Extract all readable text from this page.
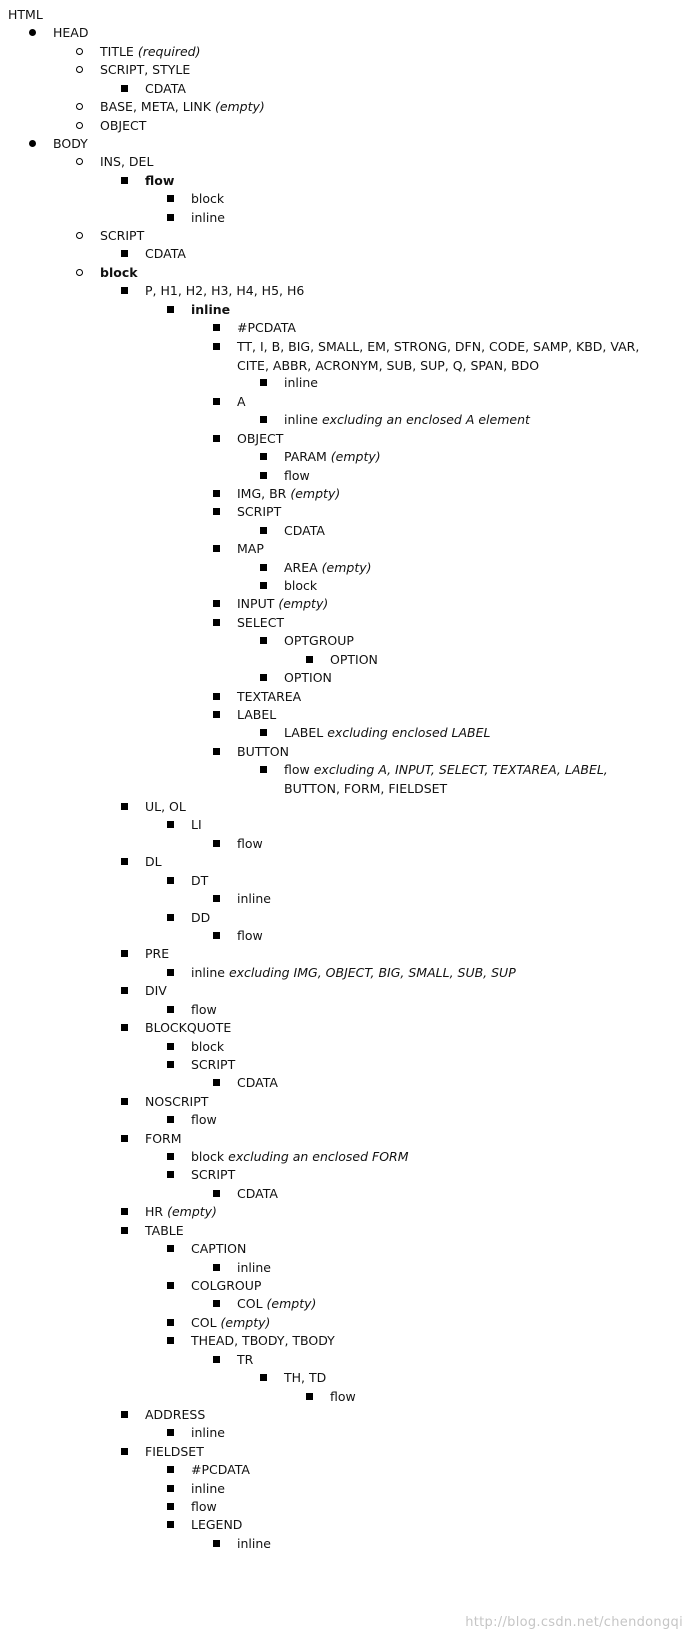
HTML
HEAD
TITLE (required)
SCRIPT, STYLE
CDATA
BASE, META, LINK (empty)
OBJECT
BODY
INS, DEL
flow
block
inline
SCRIPT
CDATA
block
P, H1, H2, H3, H4, H5, H6
inline
#PCDATA
TT, I, B, BIG, SMALL, EM, STRONG, DFN, CODE, SAMP, KBD, VAR,
CITE, ABBR, ACRONYM, SUB, SUP, Q, SPAN, BDO
inline
A
inline excluding an enclosed A element
OBJECT
PARAM (empty)
flow
IMG, BR (empty)
SCRIPT
CDATA
MAP
AREA (empty)
block
INPUT (empty)
SELECT
OPTGROUP
OPTION
OPTION
TEXTAREA
LABEL
LABEL excluding enclosed LABEL
BUTTON
flow excluding A, INPUT, SELECT, TEXTAREA, LABEL,
BUTTON, FORM, FIELDSET
UL, OL
LI
flow
DL
DT
inline
DD
flow
PRE
inline excluding IMG, OBJECT, BIG, SMALL, SUB, SUP
DIV
flow
BLOCKQUOTE
block
SCRIPT
CDATA
NOSCRIPT
flow
FORM
block excluding an enclosed FORM
SCRIPT
CDATA
HR (empty)
TABLE
CAPTION
inline
COLGROUP
COL (empty)
COL (empty)
THEAD, TBODY, TBODY
TR
TH, TD
flow
ADDRESS
inline
FIELDSET
#PCDATA
inline
flow
LEGEND
inline
http://blog.csdn.net/chendongqi
